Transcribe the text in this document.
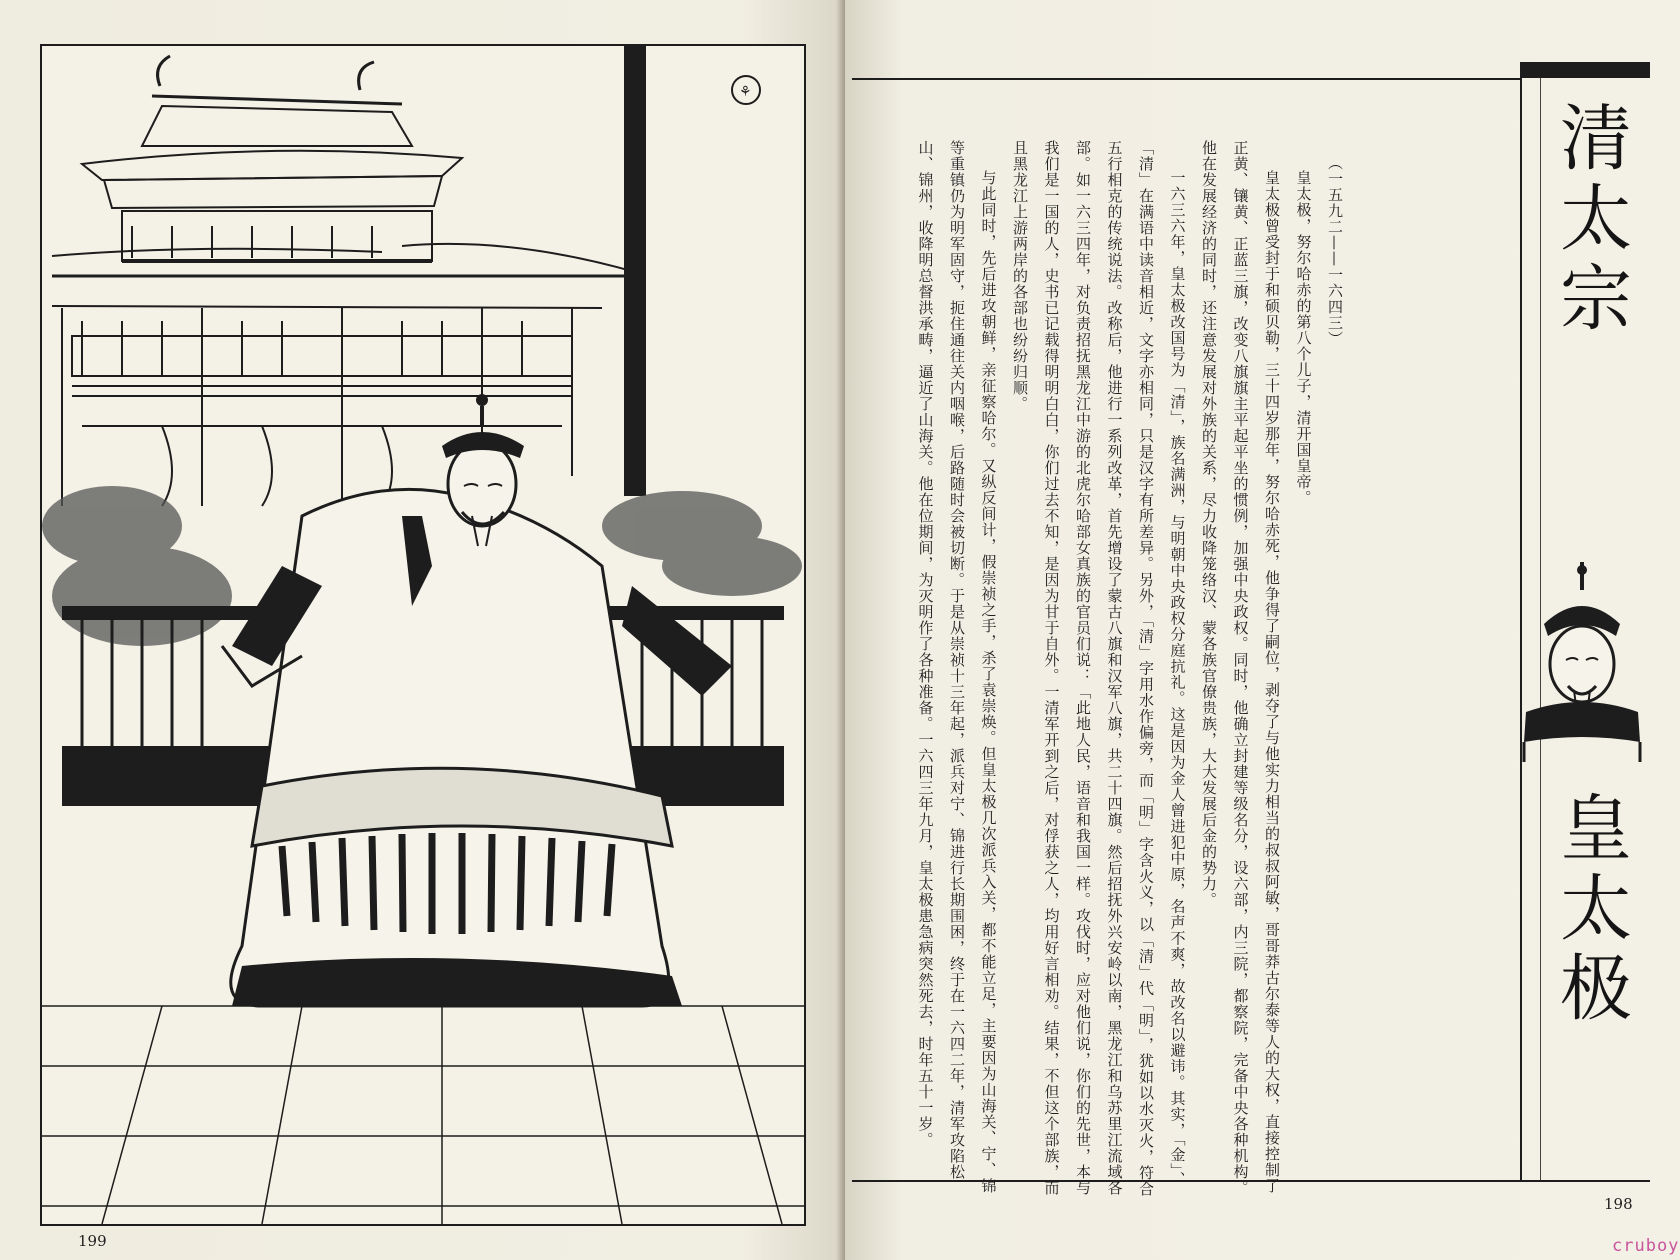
⚘
199
198

（一五九二——一六四三）

皇太极，努尔哈赤的第八个儿子，清开国皇帝。

皇太极曾受封于和硕贝勒，三十四岁那年，努尔哈赤死，他争得了嗣位，剥夺了与他实力相当的叔叔阿敏，哥哥莽古尔泰等人的大权，直接控制了正黄、镶黄、正蓝三旗，改变八旗旗主平起平坐的惯例，加强中央政权。同时，他确立封建等级名分，设六部，内三院，都察院，完备中央各种机构。他在发展经济的同时，还注意发展对外族的关系，尽力收降笼络汉、蒙各族官僚贵族，大大发展后金的势力。

一六三六年，皇太极改国号为「清」，族名满洲，与明朝中央政权分庭抗礼。这是因为金人曾进犯中原，名声不爽，故改名以避讳。其实，「金」、「清」在满语中读音相近，文字亦相同，只是汉字有所差异。另外，「清」字用水作偏旁，而「明」字含火义，以「清」代「明」，犹如以水灭火，符合五行相克的传统说法。改称后，他进行一系列改革，首先增设了蒙古八旗和汉军八旗，共二十四旗。然后招抚外兴安岭以南，黑龙江和乌苏里江流域各部。如一六三四年，对负责招抚黑龙江中游的北虎尔哈部女真族的官员们说：「此地人民，语音和我国一样。攻伐时，应对他们说，你们的先世，本与我们是一国的人，史书已记载得明明白白，你们过去不知，是因为甘于自外。一清军开到之后，对俘获之人，均用好言相劝。结果，不但这个部族，而且黑龙江上游两岸的各部也纷纷归顺。

与此同时，先后进攻朝鲜，亲征察哈尔。又纵反间计，假崇祯之手，杀了袁崇焕。但皇太极几次派兵入关，都不能立足，主要因为山海关、宁、锦等重镇仍为明军固守，扼住通往关内咽喉，后路随时会被切断。于是从崇祯十三年起，派兵对宁、锦进行长期围困，终于在一六四二年，清军攻陷松山、锦州，收降明总督洪承畴，逼近了山海关。他在位期间，为灭明作了各种准备。一六四三年九月，皇太极患急病突然死去，时年五十一岁。	清太宗
皇太极
cruboy
